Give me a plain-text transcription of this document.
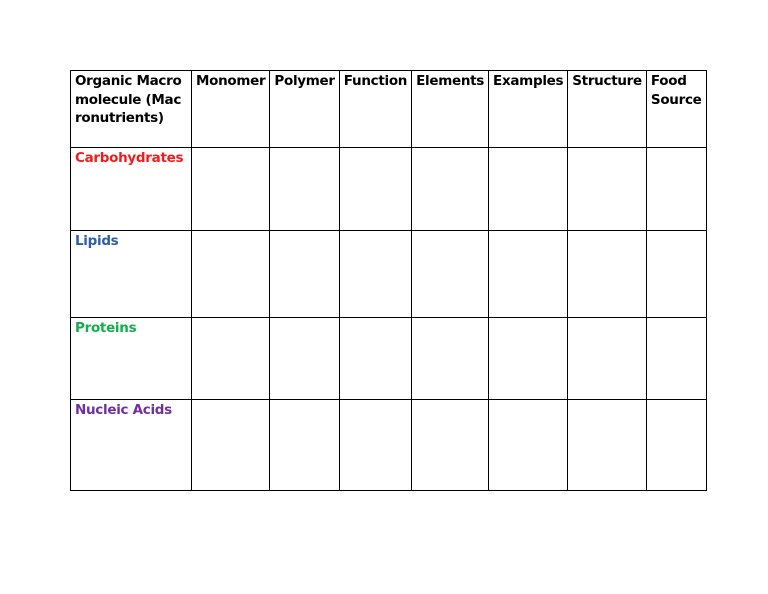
Organic Macromolecule (Macronutrients)	Monomer	Polymer	Function	Elements	Examples	Structure	Food Source
Carbohydrates							
Lipids							
Proteins							
Nucleic Acids							
